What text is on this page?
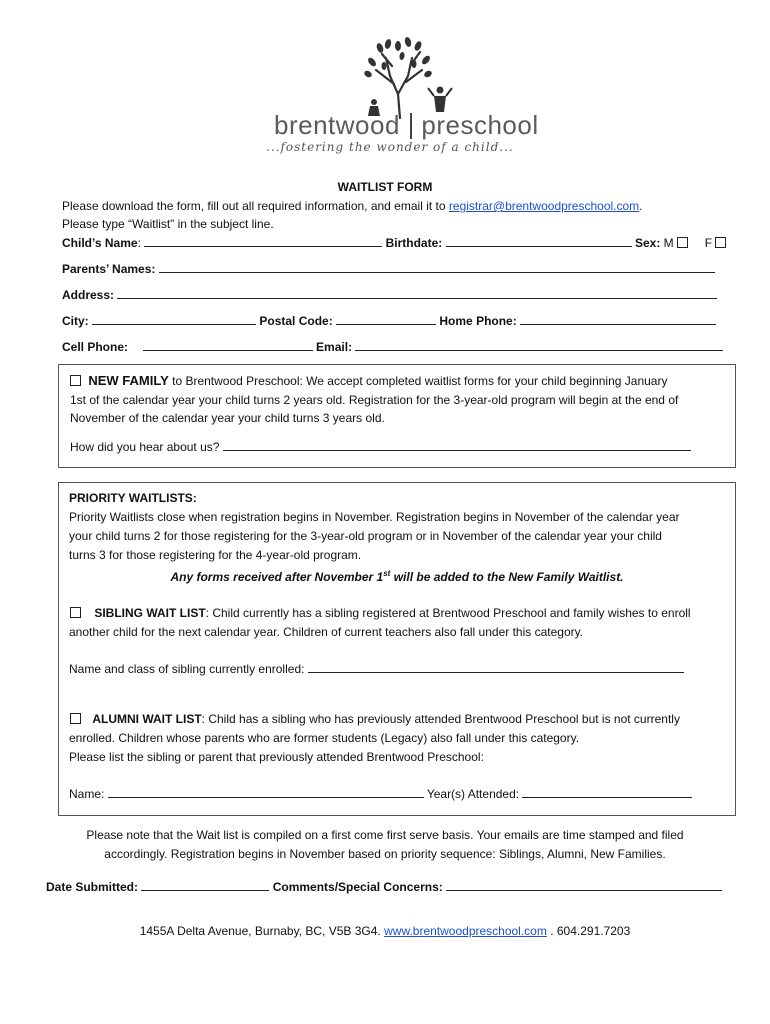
brentwood preschool
...fostering the wonder of a child...
WAITLIST FORM
Please download the form, fill out all required information, and email it to registrar@brentwoodpreschool.com.
Please type “Waitlist” in the subject line.
Child’s Name:	Birthdate:	Sex: M	F
Parents’ Names:
Address:
City:	Postal Code:	Home Phone:
Cell Phone:	Email:
NEW FAMILY to Brentwood Preschool: We accept completed waitlist forms for your child beginning January
1st of the calendar year your child turns 2 years old. Registration for the 3-year-old program will begin at the end of
November of the calendar year your child turns 3 years old.
How did you hear about us?
PRIORITY WAITLISTS:
Priority Waitlists close when registration begins in November. Registration begins in November of the calendar year
your child turns 2 for those registering for the 3-year-old program or in November of the calendar year your child
turns 3 for those registering for the 4-year-old program.
Any forms received after November 1st will be added to the New Family Waitlist.
SIBLING WAIT LIST: Child currently has a sibling registered at Brentwood Preschool and family wishes to enroll
another child for the next calendar year. Children of current teachers also fall under this category.
Name and class of sibling currently enrolled:
ALUMNI WAIT LIST: Child has a sibling who has previously attended Brentwood Preschool but is not currently
enrolled. Children whose parents who are former students (Legacy) also fall under this category.
Please list the sibling or parent that previously attended Brentwood Preschool:
Name:	Year(s) Attended:
Please note that the Wait list is compiled on a first come first serve basis. Your emails are time stamped and filed
accordingly. Registration begins in November based on priority sequence: Siblings, Alumni, New Families.
Date Submitted:	Comments/Special Concerns:
1455A Delta Avenue, Burnaby, BC, V5B 3G4. www.brentwoodpreschool.com . 604.291.7203
